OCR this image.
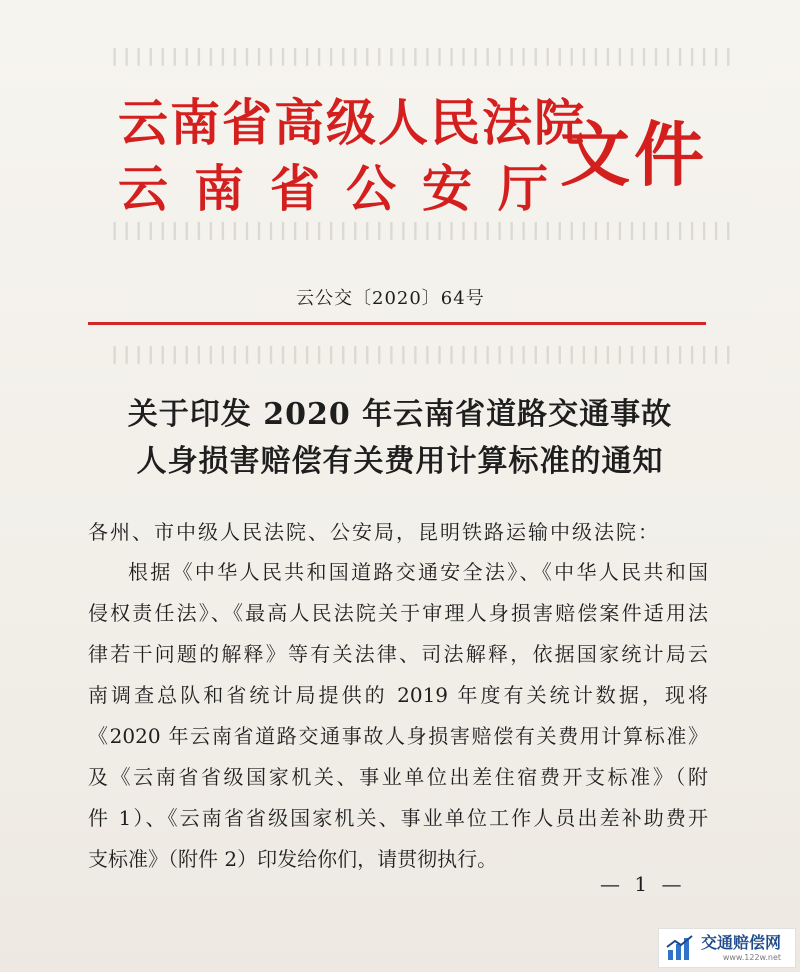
┃┃┃┃┃┃┃┃┃┃┃┃┃┃┃┃┃┃┃┃┃┃┃┃┃┃┃┃┃┃┃┃┃┃┃┃┃┃┃┃┃┃┃┃┃┃┃┃┃┃┃┃
┃┃┃┃┃┃┃┃┃┃┃┃┃┃┃┃┃┃┃┃┃┃┃┃┃┃┃┃┃┃┃┃┃┃┃┃┃┃┃┃┃┃┃┃┃┃┃┃┃┃┃┃
┃┃┃┃┃┃┃┃┃┃┃┃┃┃┃┃┃┃┃┃┃┃┃┃┃┃┃┃┃┃┃┃┃┃┃┃┃┃┃┃┃┃┃┃┃┃┃┃┃┃┃┃
云南省高级人民法院
云南省公安厅
文件
云公交〔2020〕64号
关于印发 2020 年云南省道路交通事故
人身损害赔偿有关费用计算标准的通知
各州、市中级人民法院、公安局，昆明铁路运输中级法院：
根据《中华人民共和国道路交通安全法》、《中华人民共和国
侵权责任法》、《最高人民法院关于审理人身损害赔偿案件适用法
律若干问题的解释》等有关法律、司法解释，依据国家统计局云
南调查总队和省统计局提供的 2019 年度有关统计数据，现将
《2020 年云南省道路交通事故人身损害赔偿有关费用计算标准》
及《云南省省级国家机关、事业单位出差住宿费开支标准》（附
件 1）、《云南省省级国家机关、事业单位工作人员出差补助费开
支标准》（附件 2）印发给你们，请贯彻执行。
— 1 —
交通赔偿网
www.122w.net
